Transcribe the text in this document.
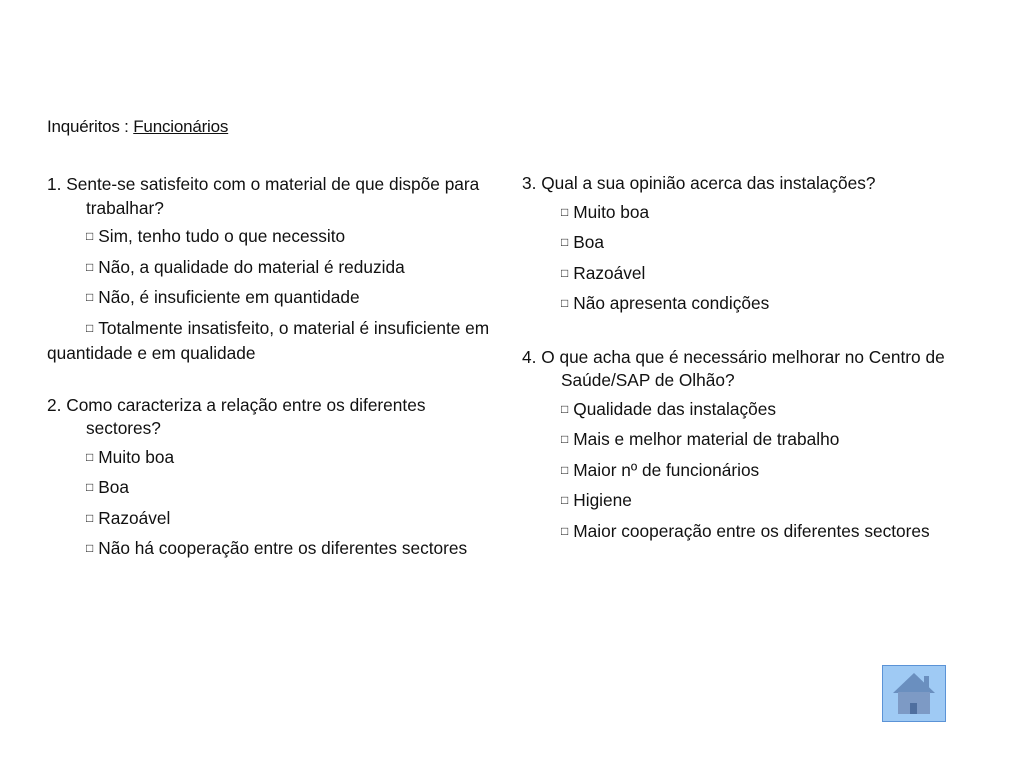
Inquéritos : Funcionários

1. Sente-se satisfeito com o material de que dispõe para trabalhar?

□ Sim, tenho tudo o que necessito
□ Não, a qualidade do material é reduzida
□ Não, é insuficiente em quantidade
□ Totalmente insatisfeito, o material é insuficiente em quantidade e em qualidade

2. Como caracteriza a relação entre os diferentes sectores?

□ Muito boa
□ Boa
□ Razoável
□ Não há cooperação entre os diferentes sectores

3. Qual a sua opinião acerca das instalações?

□ Muito boa
□ Boa
□ Razoável
□ Não apresenta condições

4. O que acha que é necessário melhorar no Centro de Saúde/SAP de Olhão?

□ Qualidade das instalações
□ Mais e melhor material de trabalho
□ Maior nº de funcionários
□ Higiene
□ Maior cooperação entre os diferentes sectores
